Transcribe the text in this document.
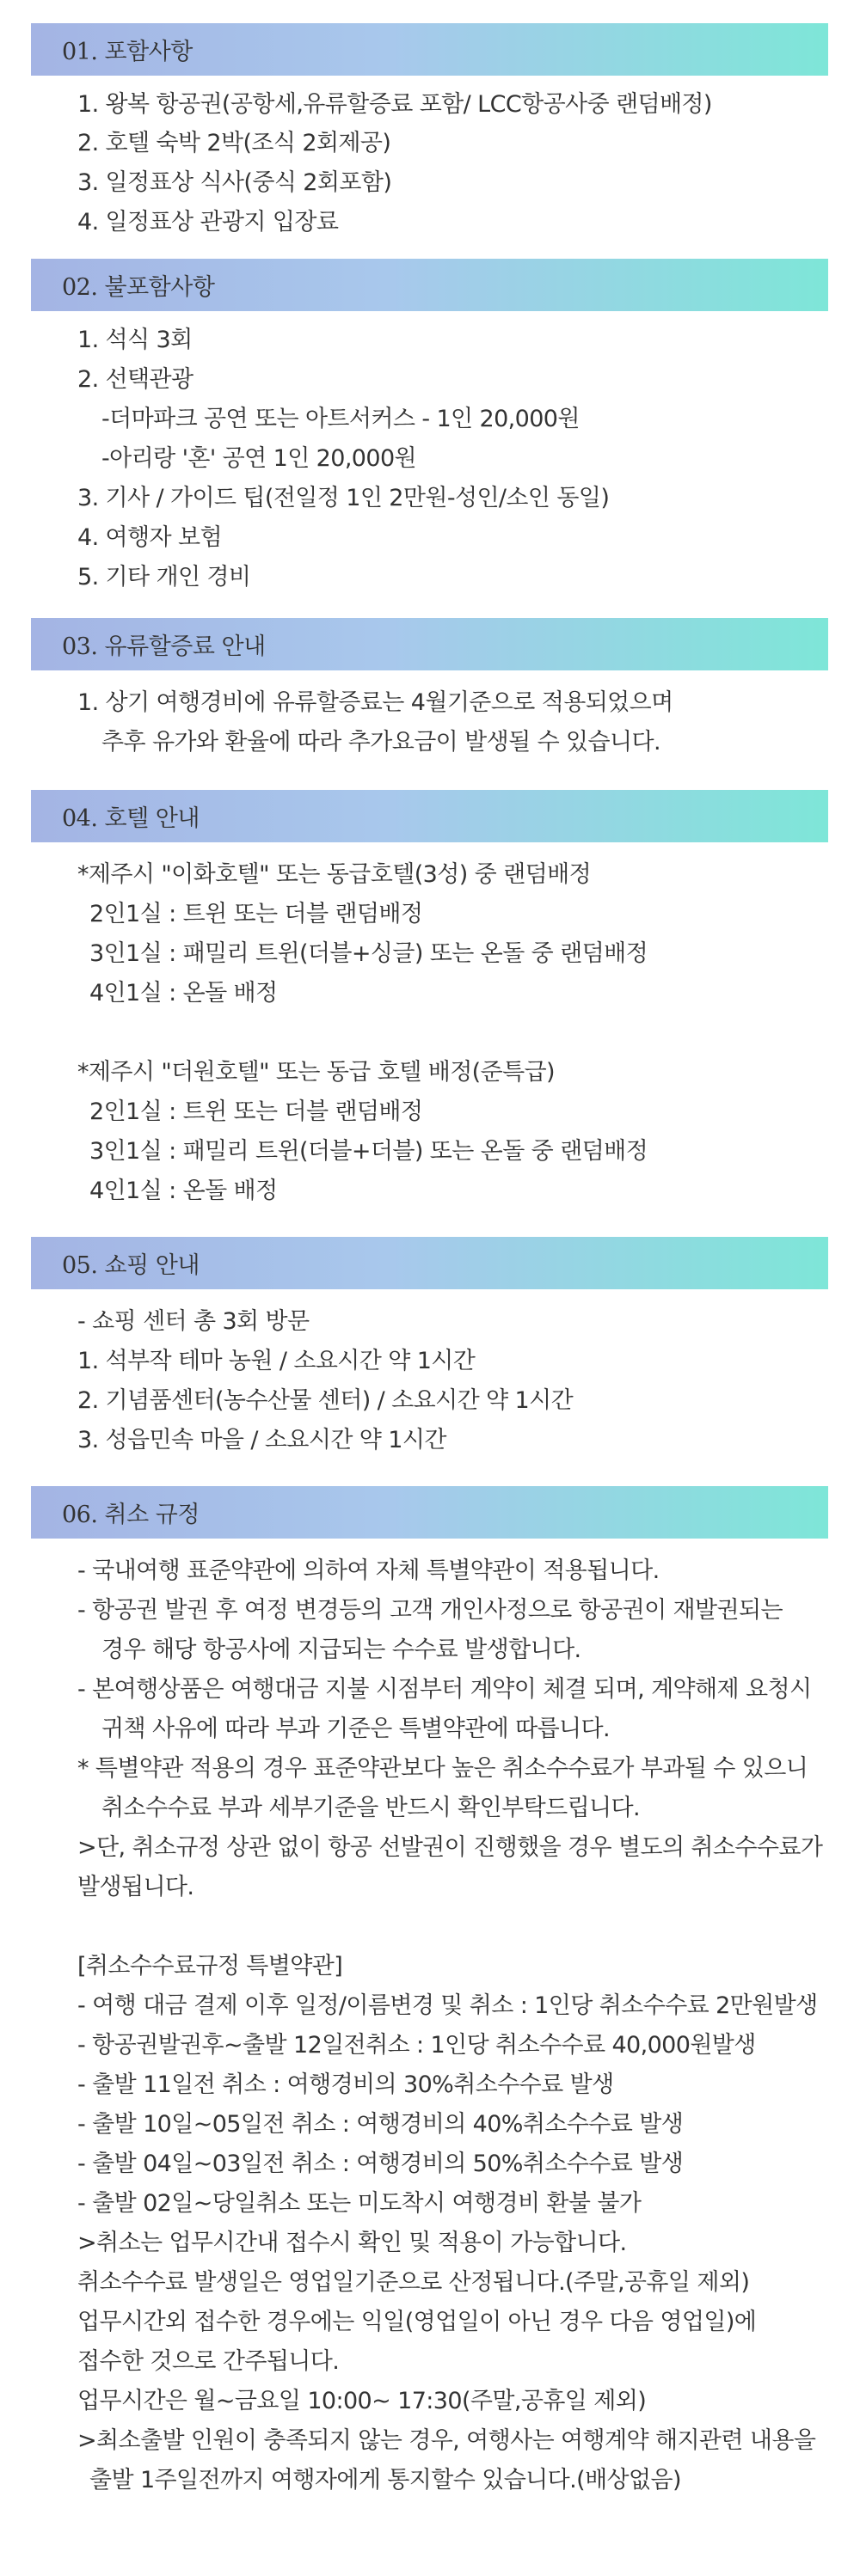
01. 포함사항
1. 왕복 항공권(공항세,유류할증료 포함/ LCC항공사중 랜덤배정)
2. 호텔 숙박 2박(조식 2회제공)
3. 일정표상 식사(중식 2회포함)
4. 일정표상 관광지 입장료
02. 불포함사항
1. 석식 3회
2. 선택관광
-더마파크 공연 또는 아트서커스 - 1인 20,000원
-아리랑 '혼' 공연 1인 20,000원
3. 기사 / 가이드 팁(전일정 1인 2만원-성인/소인 동일)
4. 여행자 보험
5. 기타 개인 경비
03. 유류할증료 안내
1. 상기 여행경비에 유류할증료는 4월기준으로 적용되었으며
추후 유가와 환율에 따라 추가요금이 발생될 수 있습니다.
04. 호텔 안내
*제주시 "이화호텔" 또는 동급호텔(3성) 중 랜덤배정
2인1실 : 트윈 또는 더블 랜덤배정
3인1실 : 패밀리 트윈(더블+싱글) 또는 온돌 중 랜덤배정
4인1실 : 온돌 배정
*제주시 "더원호텔" 또는 동급 호텔 배정(준특급)
2인1실 : 트윈 또는 더블 랜덤배정
3인1실 : 패밀리 트윈(더블+더블) 또는 온돌 중 랜덤배정
4인1실 : 온돌 배정
05. 쇼핑 안내
- 쇼핑 센터 총 3회 방문
1. 석부작 테마 농원 / 소요시간 약 1시간
2. 기념품센터(농수산물 센터) / 소요시간 약 1시간
3. 성읍민속 마을 / 소요시간 약 1시간
06. 취소 규정
- 국내여행 표준약관에 의하여 자체 특별약관이 적용됩니다.
- 항공권 발권 후 여정 변경등의 고객 개인사정으로 항공권이 재발권되는
경우 해당 항공사에 지급되는 수수료 발생합니다.
- 본여행상품은 여행대금 지불 시점부터 계약이 체결 되며, 계약해제 요청시
귀책 사유에 따라 부과 기준은 특별약관에 따릅니다.
* 특별약관 적용의 경우 표준약관보다 높은 취소수수료가 부과될 수 있으니
취소수수료 부과 세부기준을 반드시 확인부탁드립니다.
>단, 취소규정 상관 없이 항공 선발권이 진행했을 경우 별도의 취소수수료가
발생됩니다.
[취소수수료규정 특별약관]
- 여행 대금 결제 이후 일정/이름변경 및 취소 : 1인당 취소수수료 2만원발생
- 항공권발권후~출발 12일전취소 : 1인당 취소수수료 40,000원발생
- 출발 11일전 취소 : 여행경비의 30%취소수수료 발생
- 출발 10일~05일전 취소 : 여행경비의 40%취소수수료 발생
- 출발 04일~03일전 취소 : 여행경비의 50%취소수수료 발생
- 출발 02일~당일취소 또는 미도착시 여행경비 환불 불가
>취소는 업무시간내 접수시 확인 및 적용이 가능합니다.
취소수수료 발생일은 영업일기준으로 산정됩니다.(주말,공휴일 제외)
업무시간외 접수한 경우에는 익일(영업일이 아닌 경우 다음 영업일)에
접수한 것으로 간주됩니다.
업무시간은 월~금요일 10:00~ 17:30(주말,공휴일 제외)
>최소출발 인원이 충족되지 않는 경우, 여행사는 여행계약 해지관련 내용을
출발 1주일전까지 여행자에게 통지할수 있습니다.(배상없음)
